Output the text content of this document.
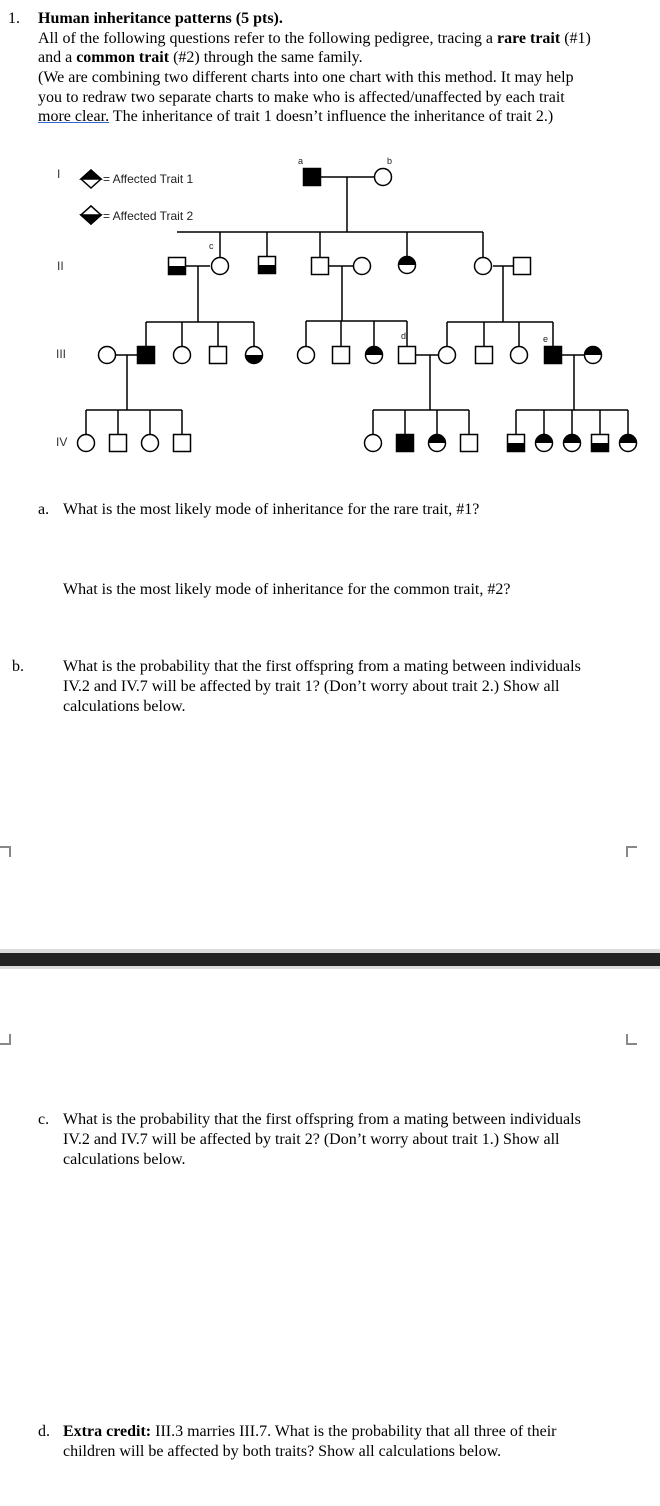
1. Human inheritance patterns (5 pts).
All of the following questions refer to the following pedigree, tracing a rare trait (#1)
and a common trait (#2) through the same family.
(We are combining two different charts into one chart with this method. It may help
you to redraw two separate charts to make who is affected/unaffected by each trait
more clear. The inheritance of trait 1 doesn’t influence the inheritance of trait 2.)
= Affected Trait 1
= Affected Trait 2
I
II
III
IV
a	b
c
d	e
a. What is the most likely mode of inheritance for the rare trait, #1?
What is the most likely mode of inheritance for the common trait, #2?
b. What is the probability that the first offspring from a mating between individuals
IV.2 and IV.7 will be affected by trait 1? (Don’t worry about trait 2.) Show all
calculations below.
c. What is the probability that the first offspring from a mating between individuals
IV.2 and IV.7 will be affected by trait 2? (Don’t worry about trait 1.) Show all
calculations below.
d. Extra credit: III.3 marries III.7. What is the probability that all three of their
children will be affected by both traits? Show all calculations below.
